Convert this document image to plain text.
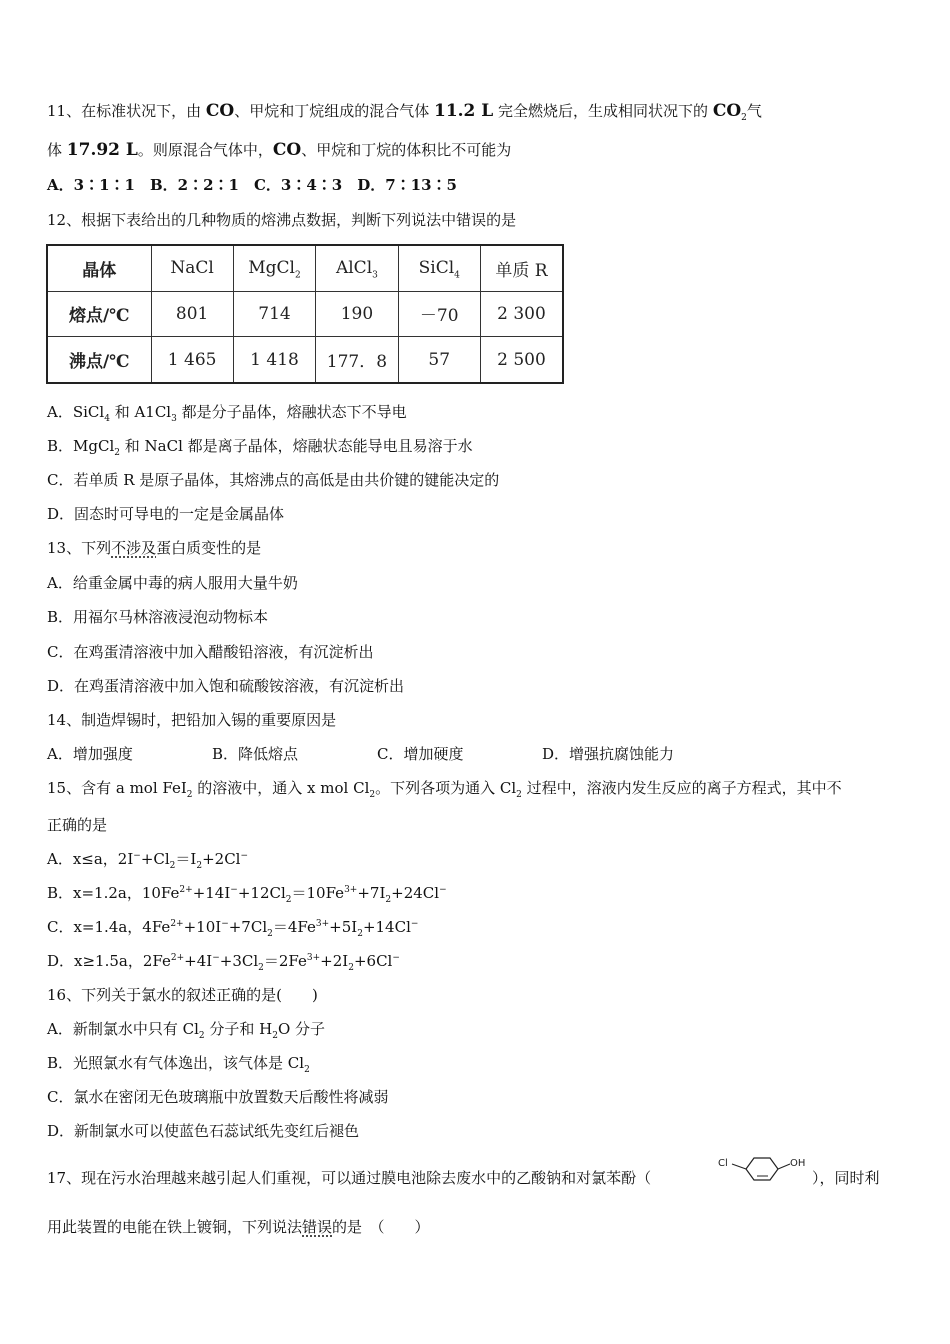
11、在标准状况下，由 CO、甲烷和丁烷组成的混合气体 11.2 L 完全燃烧后，生成相同状况下的 $CO_2$气
体 17.92 L。则原混合气体中，CO、甲烷和丁烷的体积比不可能为
A．3∶1∶1　B．2∶2∶1　C．3∶4∶3　D．7∶13∶5
12、根据下表给出的几种物质的熔沸点数据，判断下列说法中错误的是
晶体	NaCl	MgCl$_2$	AlCl$_3$	SiCl$_4$	单质 R
熔点/℃	801	714	190	－70	2 300
沸点/℃	1 465	1 418	177．8	57	2 500
A．SiCl$_4$ 和 $A1Cl_3$ 都是分子晶体，熔融状态下不导电
B．MgCl$_2$ 和 NaCl 都是离子晶体，熔融状态能导电且易溶于水
C．若单质 R 是原子晶体，其熔沸点的高低是由共价键的键能决定的
D．固态时可导电的一定是金属晶体
13、下列不涉及蛋白质变性的是
A．给重金属中毒的病人服用大量牛奶
B．用福尔马林溶液浸泡动物标本
C．在鸡蛋清溶液中加入醋酸铅溶液，有沉淀析出
D．在鸡蛋清溶液中加入饱和硫酸铵溶液，有沉淀析出
14、制造焊锡时，把铅加入锡的重要原因是
A．增加强度	B．降低熔点	C．增加硬度	D．增强抗腐蚀能力
15、含有 a mol FeI$_2$ 的溶液中，通入 x mol $Cl_2$。下列各项为通入 $Cl_2$ 过程中，溶液内发生反应的离子方程式，其中不
正确的是
A．x≤a，$2I^-+Cl_2=I_2+2Cl^-$
B．x=1.2a，$10Fe^{2+}+14I^-+12Cl_2=10Fe^{3+}+7I_2+24Cl^-$
C．x=1.4a，$4Fe^{2+}+10I^-+7Cl_2=4Fe^{3+}+5I_2+14Cl^-$
D．x≥1.5a，$2Fe^{2+}+4I^-+3Cl_2=2Fe^{3+}+2I_2+6Cl^-$
16、下列关于氯水的叙述正确的是(　　)
A．新制氯水中只有 $Cl_2$ 分子和 $H_2O$ 分子
B．光照氯水有气体逸出，该气体是 $Cl_2$
C．氯水在密闭无色玻璃瓶中放置数天后酸性将减弱
D．新制氯水可以使蓝色石蕊试纸先变红后褪色
17、现在污水治理越来越引起人们重视，可以通过膜电池除去废水中的乙酸钠和对氯苯酚（
Cl	OH
），同时利
用此装置的电能在铁上镀铜，下列说法错误的是　（　　）
